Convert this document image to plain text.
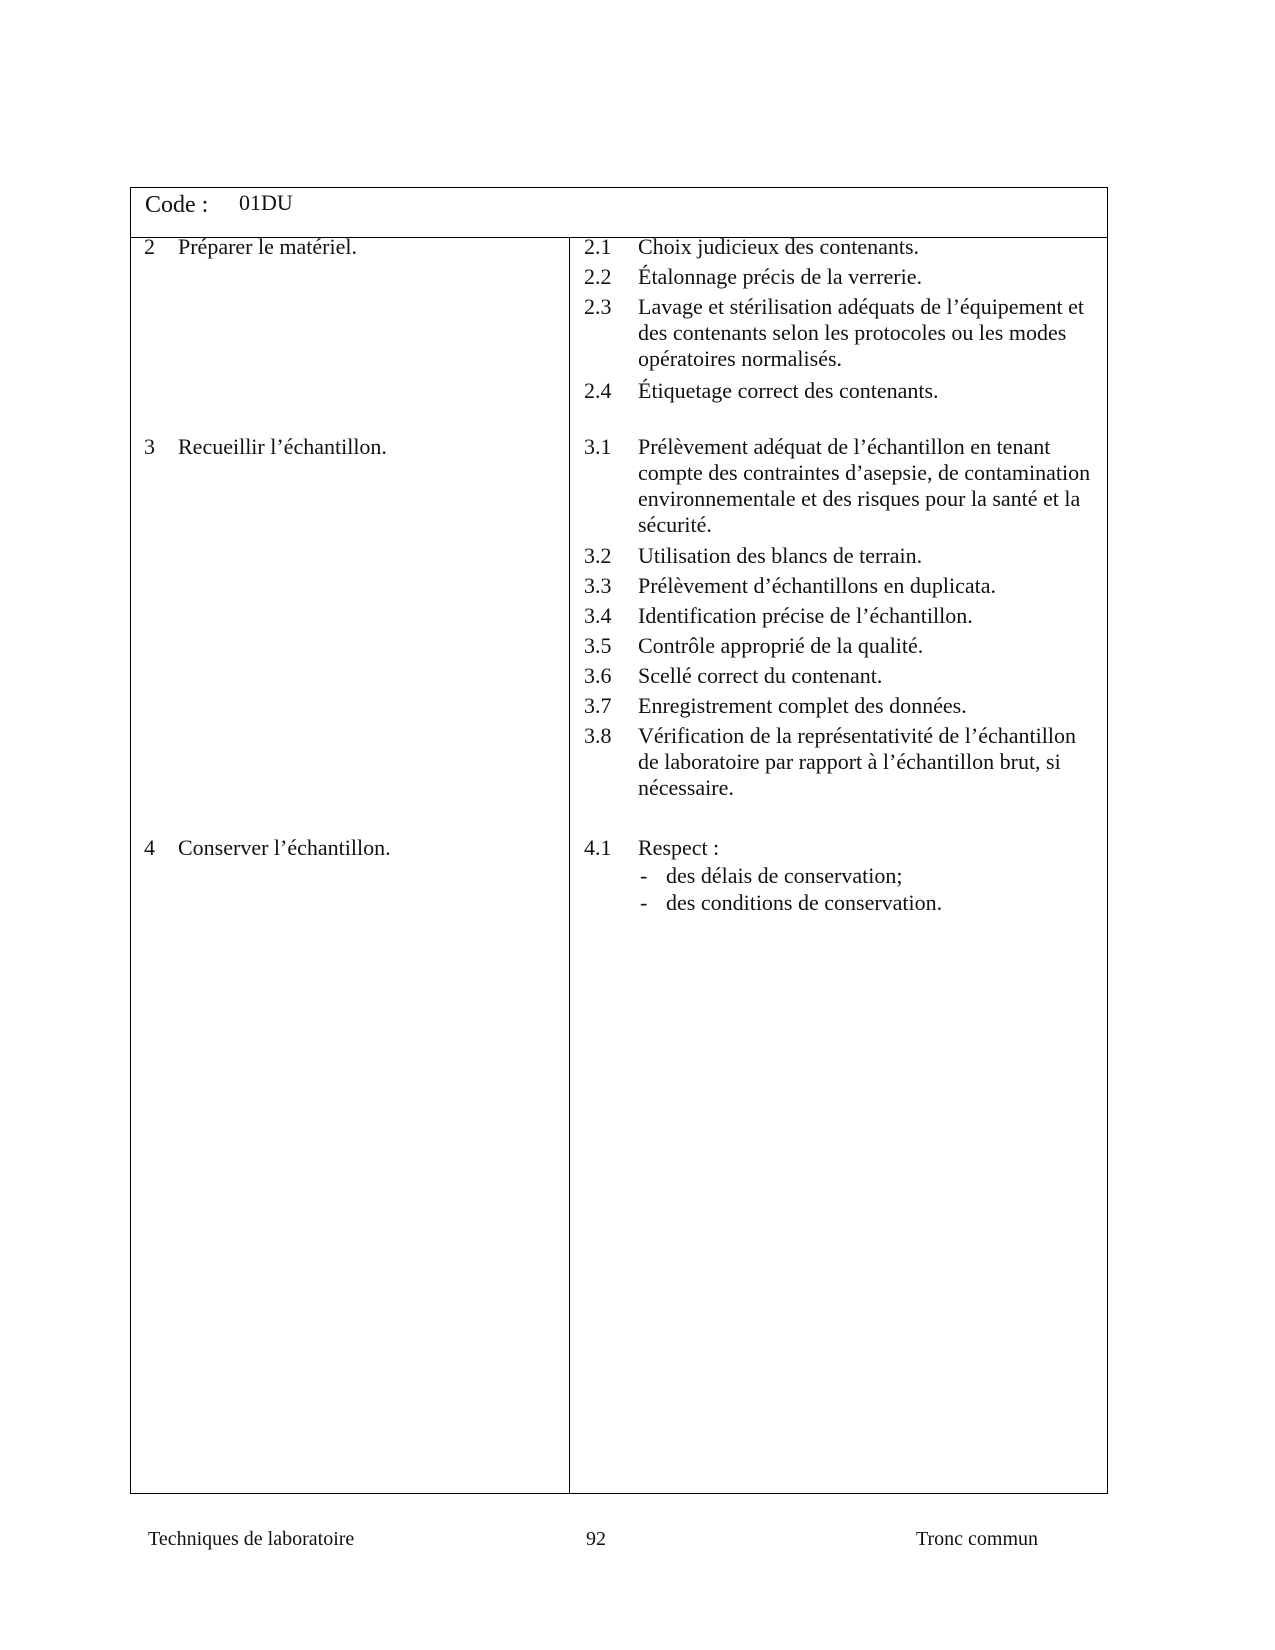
Code : 01DU
2 Préparer le matériel.
3 Recueillir l’échantillon.
4 Conserver l’échantillon.
2.1 Choix judicieux des contenants.
2.2 Étalonnage précis de la verrerie.
2.3 Lavage et stérilisation adéquats de l’équipement et des contenants selon les protocoles ou les modes opératoires normalisés.
2.4 Étiquetage correct des contenants.
3.1 Prélèvement adéquat de l’échantillon en tenant compte des contraintes d’asepsie, de contamination environnementale et des risques pour la santé et la sécurité.
3.2 Utilisation des blancs de terrain.
3.3 Prélèvement d’échantillons en duplicata.
3.4 Identification précise de l’échantillon.
3.5 Contrôle approprié de la qualité.
3.6 Scellé correct du contenant.
3.7 Enregistrement complet des données.
3.8 Vérification de la représentativité de l’échantillon de laboratoire par rapport à l’échantillon brut, si nécessaire.
4.1 Respect :
- des délais de conservation;
- des conditions de conservation.
Techniques de laboratoire	92	Tronc commun
